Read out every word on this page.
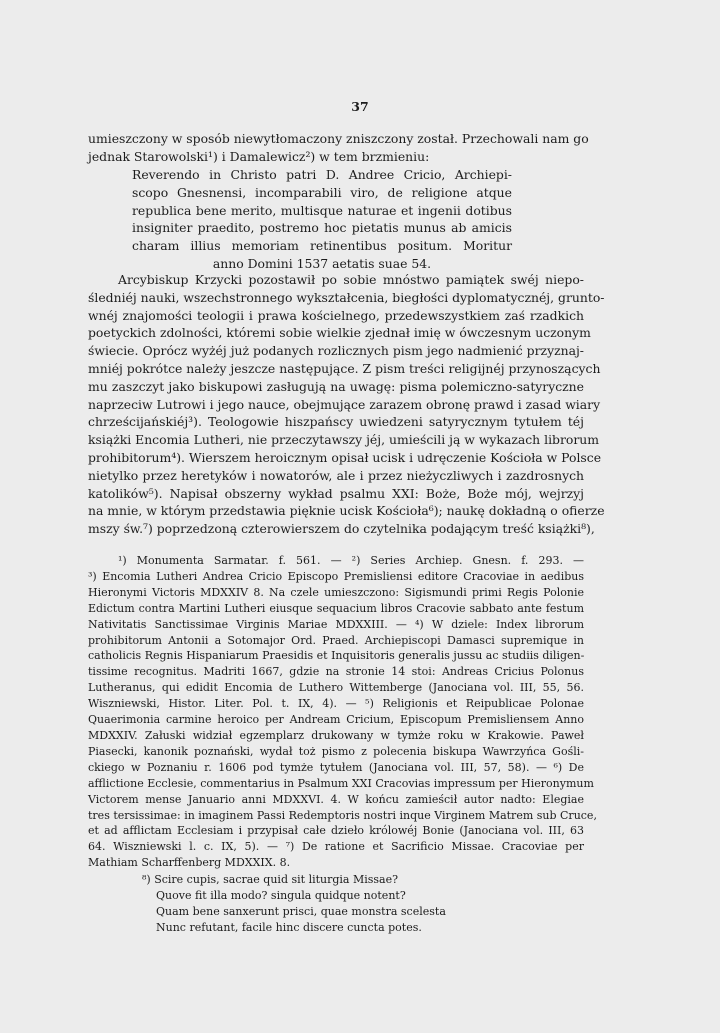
37
umieszczony w sposób niewytłomaczony zniszczony został. Przechowali nam go
jednak Starowolski¹) i Damalewicz²) w tem brzmieniu:
Reverendo in Christo patri D. Andree Cricio, Archiepi-
scopo Gnesnensi, incomparabili viro, de religione atque
republica bene merito, multisque naturae et ingenii dotibus
insigniter praedito, postremo hoc pietatis munus ab amicis
charam illius memoriam retinentibus positum. Moritur
anno Domini 1537 aetatis suae 54.
Arcybiskup Krzycki pozostawił po sobie mnóstwo pamiątek swéj niepo-
śledniéj nauki, wszechstronnego wykształcenia, biegłości dyplomatycznéj, grunto-
wnéj znajomości teologii i prawa kościelnego, przedewszystkiem zaś rzadkich
poetyckich zdolności, któremi sobie wielkie zjednał imię w ówczesnym uczonym
świecie. Oprócz wyżéj już podanych rozlicznych pism jego nadmienić przyznaj-
mniéj pokrótce należy jeszcze następujące. Z pism treści religijnéj przynoszących
mu zaszczyt jako biskupowi zasługują na uwagę: pisma polemiczno-satyryczne
naprzeciw Lutrowi i jego nauce, obejmujące zarazem obronę prawd i zasad wiary
chrześcijańskiéj³). Teologowie hiszpańscy uwiedzeni satyrycznym tytułem téj
książki Encomia Lutheri, nie przeczytawszy jéj, umieścili ją w wykazach librorum
prohibitorum⁴). Wierszem heroicznym opisał ucisk i udręczenie Kościoła w Polsce
nietylko przez heretyków i nowatorów, ale i przez nieżyczliwych i zazdrosnych
katolików⁵). Napisał obszerny wykład psalmu XXI: Boże, Boże mój, wejrzyj
na mnie, w którym przedstawia pięknie ucisk Kościoła⁶); naukę dokładną o ofierze
mszy św.⁷) poprzedzoną czterowierszem do czytelnika podającym treść książki⁸),
¹) Monumenta Sarmatar. f. 561. — ²) Series Archiep. Gnesn. f. 293. —
³) Encomia Lutheri Andrea Cricio Episcopo Premisliensi editore Cracoviae in aedibus
Hieronymi Victoris MDXXIV 8. Na czele umieszczono: Sigismundi primi Regis Polonie
Edictum contra Martini Lutheri eiusque sequacium libros Cracovie sabbato ante festum
Nativitatis Sanctissimae Virginis Mariae MDXXIII. — ⁴) W dziele: Index librorum
prohibitorum Antonii a Sotomajor Ord. Praed. Archiepiscopi Damasci supremique in
catholicis Regnis Hispaniarum Praesidis et Inquisitoris generalis jussu ac studiis diligen-
tissime recognitus. Madriti 1667, gdzie na stronie 14 stoi: Andreas Cricius Polonus
Lutheranus, qui edidit Encomia de Luthero Wittemberge (Janociana vol. III, 55, 56.
Wiszniewski, Histor. Liter. Pol. t. IX, 4). — ⁵) Religionis et Reipublicae Polonae
Quaerimonia carmine heroico per Andream Cricium, Episcopum Premisliensem Anno
MDXXIV. Załuski widział egzemplarz drukowany w tymże roku w Krakowie. Paweł
Piasecki, kanonik poznański, wydał toż pismo z polecenia biskupa Wawrzyńca Gośli-
ckiego w Poznaniu r. 1606 pod tymże tytułem (Janociana vol. III, 57, 58). — ⁶) De
afflictione Ecclesie, commentarius in Psalmum XXI Cracovias impressum per Hieronymum
Victorem mense Januario anni MDXXVI. 4. W końcu zamieścił autor nadto: Elegiae
tres tersissimae: in imaginem Passi Redemptoris nostri inque Virginem Matrem sub Cruce,
et ad afflictam Ecclesiam i przypisał całe dzieło królowéj Bonie (Janociana vol. III, 63
64. Wiszniewski l. c. IX, 5). — ⁷) De ratione et Sacrificio Missae. Cracoviae per
Mathiam Scharffenberg MDXXIX. 8.
⁸) Scire cupis, sacrae quid sit liturgia Missae?
Quove fit illa modo? singula quidque notent?
Quam bene sanxerunt prisci, quae monstra scelesta
Nunc refutant, facile hinc discere cuncta potes.
